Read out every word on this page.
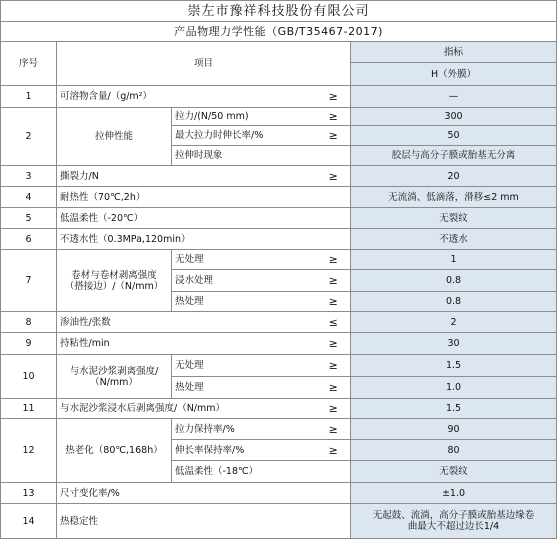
崇左市豫祥科技股份有限公司				
产品物理力学性能（GB/T35467-2017)				
序号	项目			指标
				H（外膜）
1	可溶物含量/（g/m²）		≥	—
2	拉伸性能	拉力/(N/50 mm)	≥	300
		最大拉力时伸长率/%	≥	50
		拉伸时现象		胶层与高分子膜或胎基无分离
3	撕裂力/N		≥	20
4	耐热性（70℃,2h）			无流淌、低滴落，滑移≤2 mm
5	低温柔性（-20℃）			无裂纹
6	不透水性（0.3MPa,120min）			不透水
7	卷材与卷材剥离强度
（搭接边）/（N/mm）	无处理	≥	1
		浸水处理	≥	0.8
		热处理	≥	0.8
8	渗油性/张数		≤	2
9	持粘性/min		≥	30
10	与水泥沙浆剥离强度/
（N/mm）	无处理	≥	1.5
		热处理	≥	1.0
11	与水泥沙浆浸水后剥离强度/（N/mm）		≥	1.5
12	热老化（80℃,168h）	拉力保持率/%	≥	90
		伸长率保持率/%	≥	80
		低温柔性（-18℃）		无裂纹
13	尺寸变化率/%			±1.0
14	热稳定性			无起鼓、流淌，高分子膜或胎基边缘卷
曲最大不超过边长1/4
